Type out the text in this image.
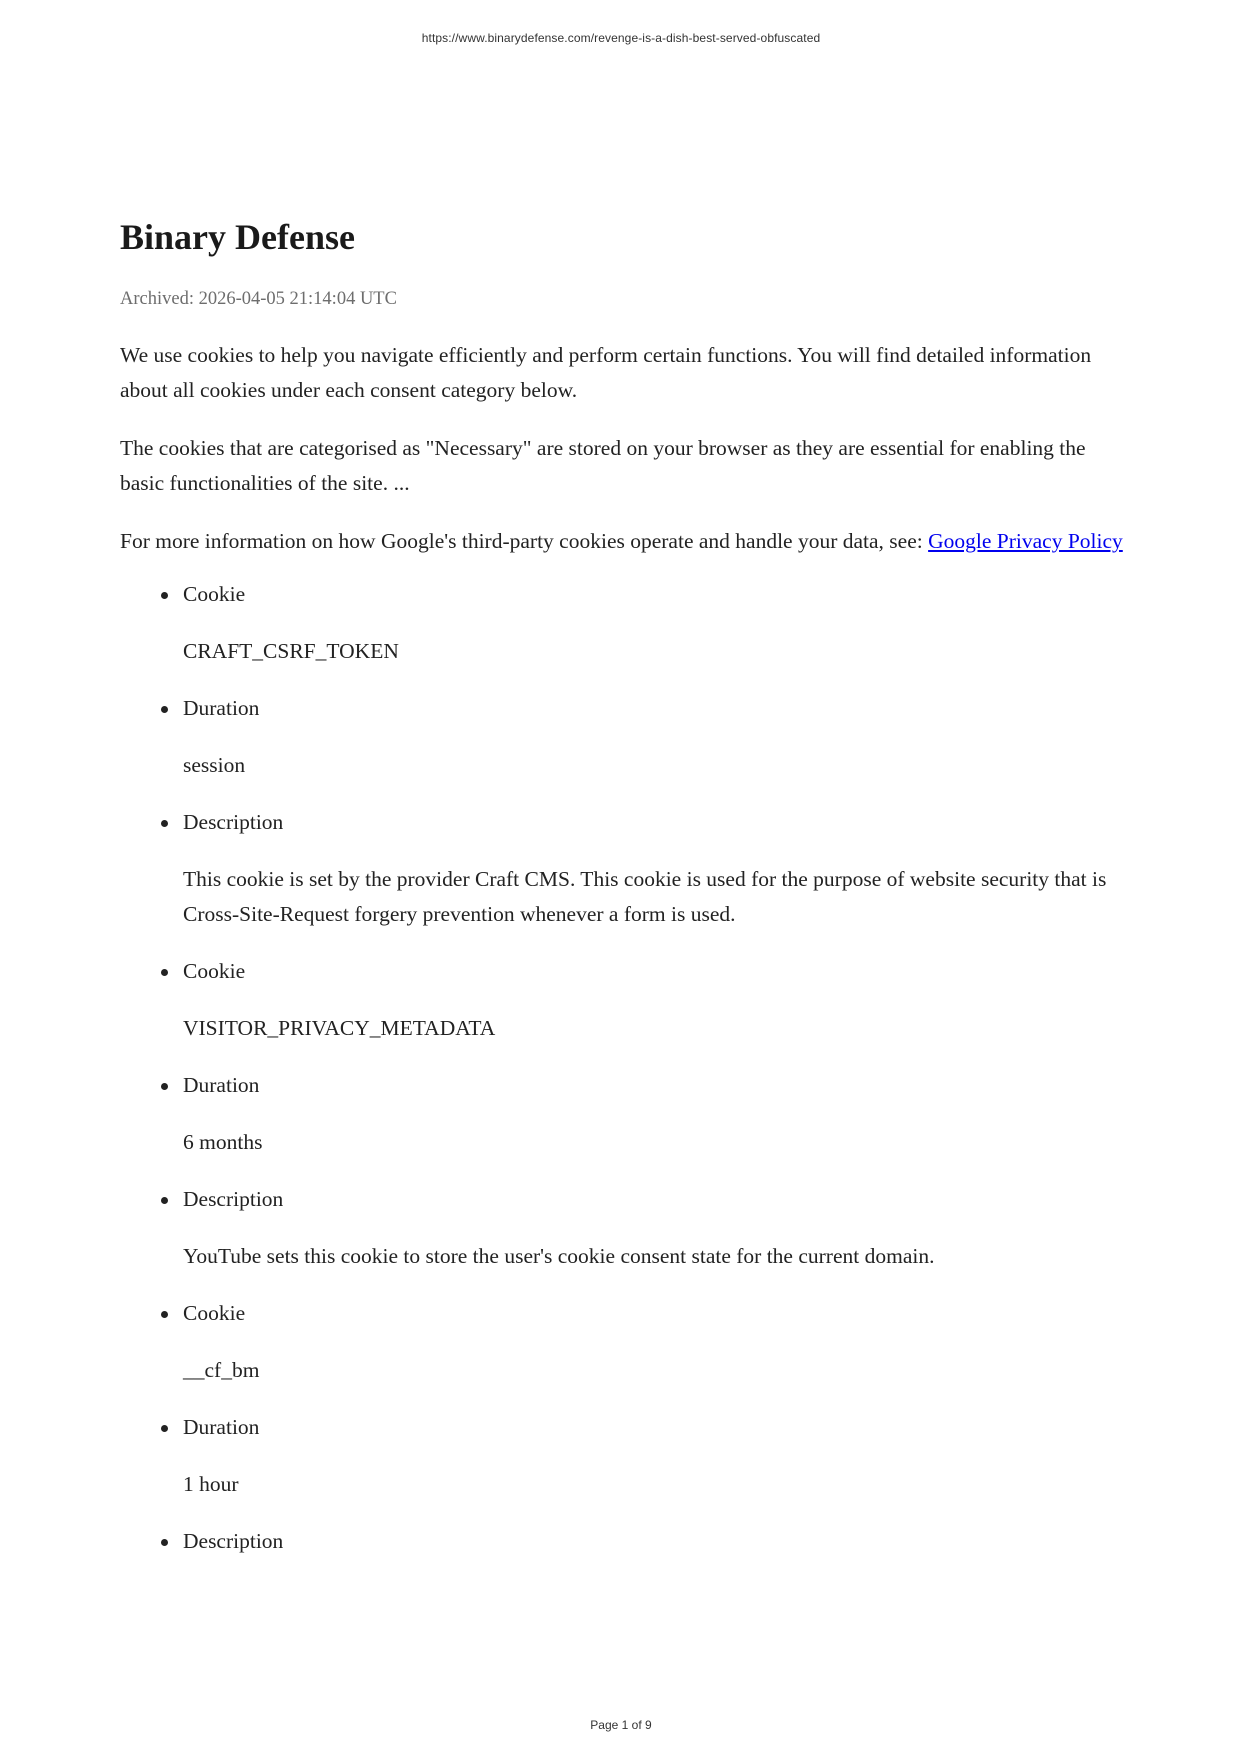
https://www.binarydefense.com/revenge-is-a-dish-best-served-obfuscated
Binary Defense
Archived: 2026-04-05 21:14:04 UTC

We use cookies to help you navigate efficiently and perform certain functions. You will find detailed information about all cookies under each consent category below.

The cookies that are categorised as "Necessary" are stored on your browser as they are essential for enabling the basic functionalities of the site. ...

For more information on how Google's third-party cookies operate and handle your data, see: Google Privacy Policy

Cookie
CRAFT_CSRF_TOKEN
Duration
session
Description
This cookie is set by the provider Craft CMS. This cookie is used for the purpose of website security that is Cross-Site-Request forgery prevention whenever a form is used.
Cookie
VISITOR_PRIVACY_METADATA
Duration
6 months
Description
YouTube sets this cookie to store the user's cookie consent state for the current domain.
Cookie
__cf_bm
Duration
1 hour
Description
Page 1 of 9
